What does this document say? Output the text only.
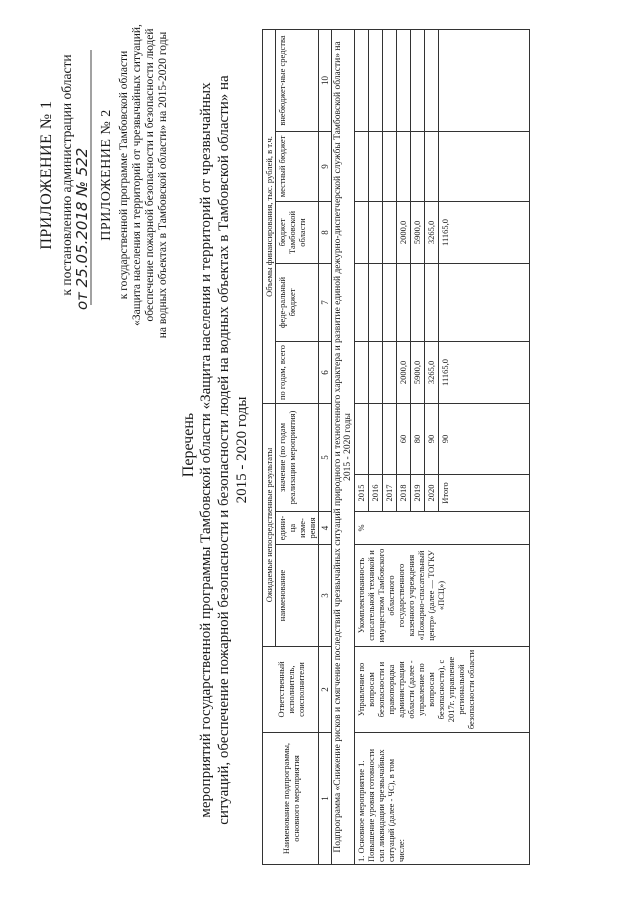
ПРИЛОЖЕНИЕ № 1 к постановлению администрации области от 25.05.2018 № 522 ПРИЛОЖЕНИЕ № 2 к государственной программе Тамбовской области «Защита населения и территорий от чрезвычайных ситуаций, обеспечение пожарной безопасности и безопасности людей на водных объектах в Тамбовской области» на 2015-2020 годы
Перечень мероприятий государственной программы Тамбовской области «Защита населения и территорий от чрезвычайных ситуаций, обеспечение пожарной безопасности и безопасности людей на водных объектах в Тамбовской области» на 2015 - 2020 годы
Наименование подпрограммы, основного мероприятия	Ответственный исполнитель, соисполнители	Ожидаемые непосредственные результаты				Объемы финансирования, тыс. рублей, в т.ч.				
		наименование	едини-ца изме-рения	значение (по годам реализации мероприятия)		по годам, всего	феде-ральный бюджет	бюджет Тамбовской области	местный бюджет	внебюджет-ные средства
1	2	3	4	5		6	7	8	9	10
Подпрограмма «Снижение рисков и смягчение последствий чрезвычайных ситуаций природного и техногенного характера и развитие единой дежурно-диспетчерской службы Тамбовской области» на 2015 - 2020 годы										
1. Основное мероприятие 1. Повышение уровня готовности сил ликвидации чрезвычайных ситуаций (далее - ЧС), в том числе:	Управление по вопросам безопасности и правопорядка администрации области (далее - управление по вопросам безопасности), с 2017г. управление региональной безопасности области	Укомплектованность спасательной техникой и имуществом Тамбовского областного государственного казенного учреждения «Пожарно-спасательный центр» (далее — ТОГКУ «ПСЦ»)	%	2015						
				2016						
				2017						
				2018	60	2000,0		2000,0		
				2019	80	5900,0		5900,0		
				2020	90	3265,0		3265,0		
				Итого	90	11165,0		11165,0		
